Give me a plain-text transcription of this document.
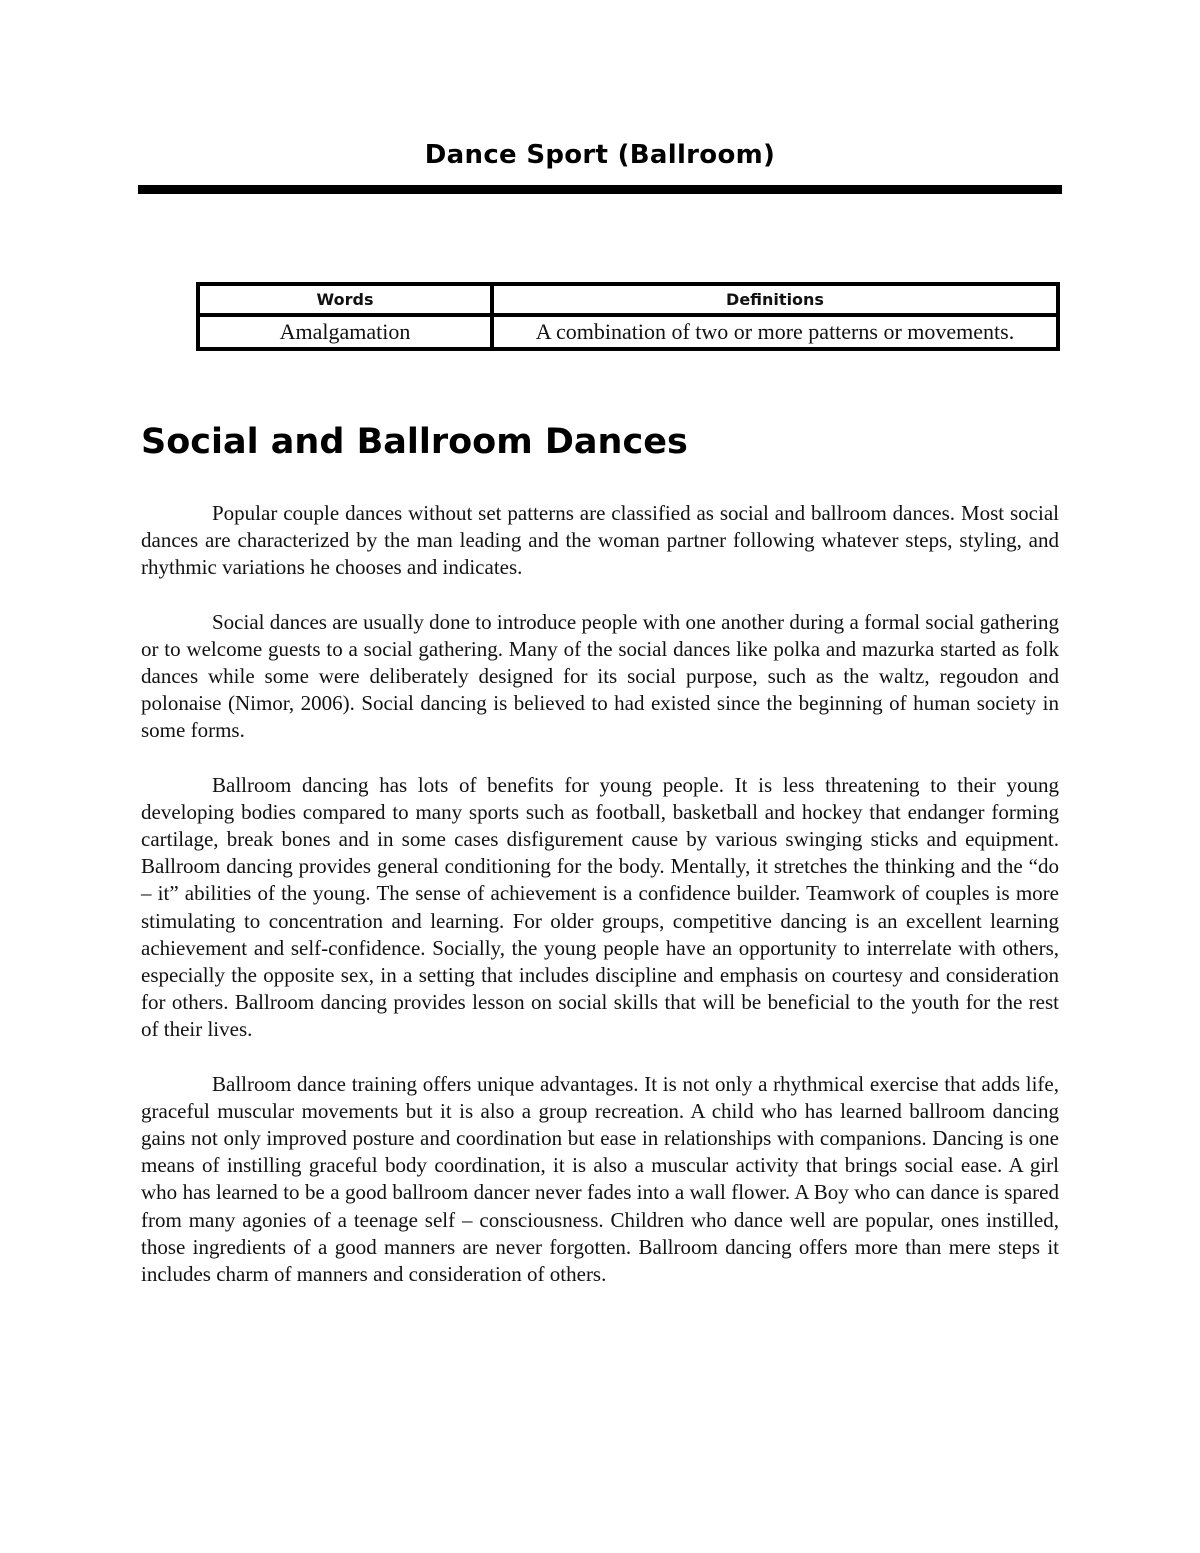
Dance Sport (Ballroom)
Words	Definitions
Amalgamation	A combination of two or more patterns or movements.
Social and Ballroom Dances

Popular couple dances without set patterns are classified as social and ballroom dances. Most social dances are characterized by the man leading and the woman partner following whatever steps, styling, and rhythmic variations he chooses and indicates.

Social dances are usually done to introduce people with one another during a formal social gathering or to welcome guests to a social gathering. Many of the social dances like polka and mazurka started as folk dances while some were deliberately designed for its social purpose, such as the waltz, regoudon and polonaise (Nimor, 2006). Social dancing is believed to had existed since the beginning of human society in some forms.

Ballroom dancing has lots of benefits for young people. It is less threatening to their young developing bodies compared to many sports such as football, basketball and hockey that endanger forming cartilage, break bones and in some cases disfigurement cause by various swinging sticks and equipment. Ballroom dancing provides general conditioning for the body. Mentally, it stretches the thinking and the “do – it” abilities of the young. The sense of achievement is a confidence builder. Teamwork of couples is more stimulating to concentration and learning. For older groups, competitive dancing is an excellent learning achievement and self-confidence. Socially, the young people have an opportunity to interrelate with others, especially the opposite sex, in a setting that includes discipline and emphasis on courtesy and consideration for others. Ballroom dancing provides lesson on social skills that will be beneficial to the youth for the rest of their lives.

Ballroom dance training offers unique advantages. It is not only a rhythmical exercise that adds life, graceful muscular movements but it is also a group recreation. A child who has learned ballroom dancing gains not only improved posture and coordination but ease in relationships with companions. Dancing is one means of instilling graceful body coordination, it is also a muscular activity that brings social ease. A girl who has learned to be a good ballroom dancer never fades into a wall flower. A Boy who can dance is spared from many agonies of a teenage self – consciousness. Children who dance well are popular, ones instilled, those ingredients of a good manners are never forgotten. Ballroom dancing offers more than mere steps it includes charm of manners and consideration of others.
